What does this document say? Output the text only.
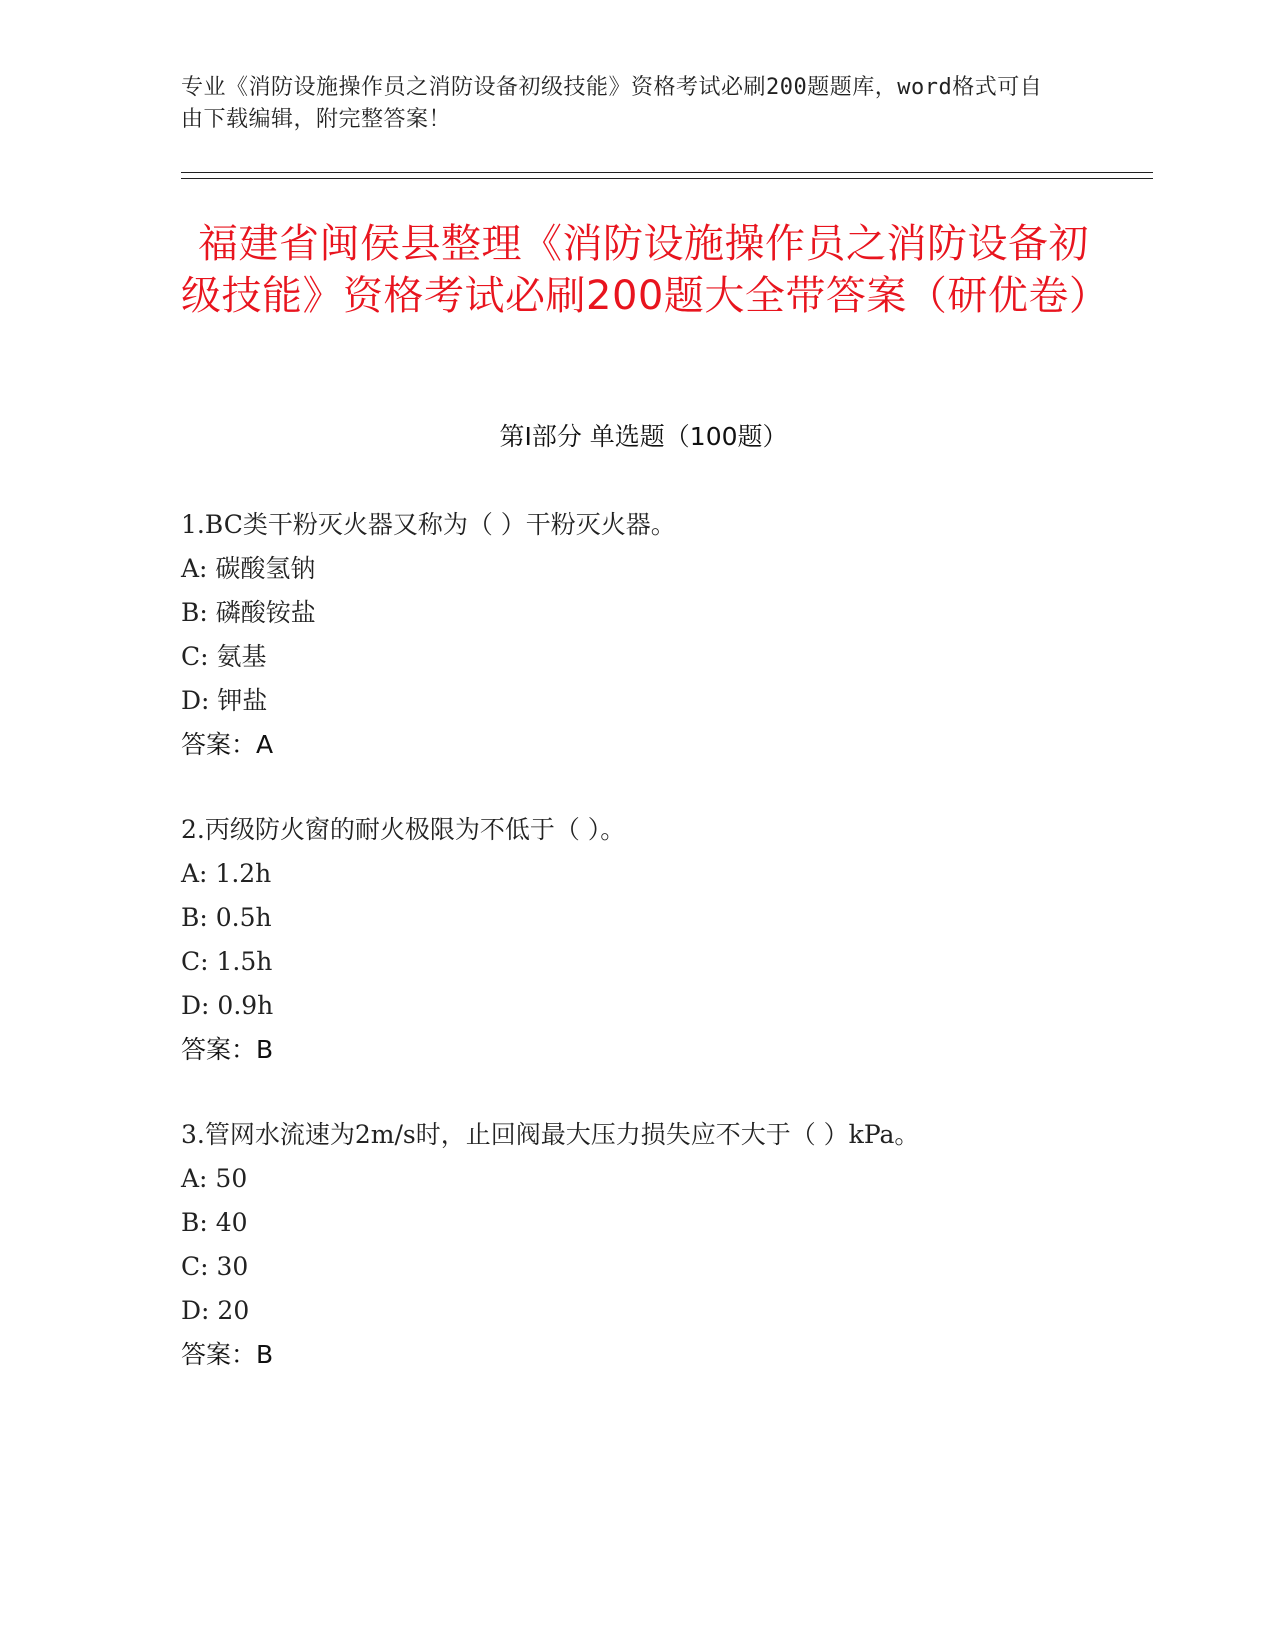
专业《消防设施操作员之消防设备初级技能》资格考试必刷200题题库，word格式可自由下载编辑，附完整答案！
福建省闽侯县整理《消防设施操作员之消防设备初级技能》资格考试必刷200题大全带答案（研优卷）
第Ⅰ部分 单选题（100题）
1.BC类干粉灭火器又称为（ ）干粉灭火器。
A: 碳酸氢钠
B: 磷酸铵盐
C: 氨基
D: 钾盐
答案：A
2.丙级防火窗的耐火极限为不低于（ ）。
A: 1.2h
B: 0.5h
C: 1.5h
D: 0.9h
答案：B
3.管网水流速为2m/s时，止回阀最大压力损失应不大于（ ）kPa。
A: 50
B: 40
C: 30
D: 20
答案：B
